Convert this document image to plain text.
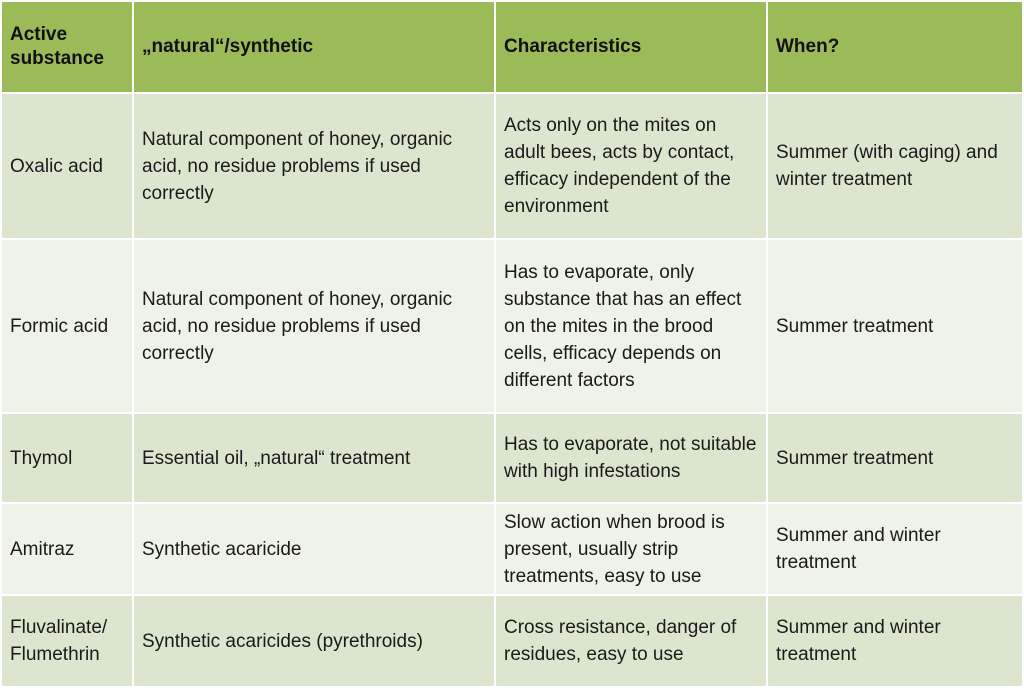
Active substance	„natural“/synthetic	Characteristics	When?
Oxalic acid	Natural component of honey, organic acid, no residue problems if used correctly	Acts only on the mites on adult bees, acts by contact, efficacy independent of the environment	Summer (with caging) and winter treatment
Formic acid	Natural component of honey, organic acid, no residue problems if used correctly	Has to evaporate, only substance that has an effect on the mites in the brood cells, efficacy depends on different factors	Summer treatment
Thymol	Essential oil, „natural“ treatment	Has to evaporate, not suitable with high infestations	Summer treatment
Amitraz	Synthetic acaricide	Slow action when brood is present, usually strip treatments, easy to use	Summer and winter treatment
Fluvalinate/ Flumethrin	Synthetic acaricides (pyrethroids)	Cross resistance, danger of residues, easy to use	Summer and winter treatment
